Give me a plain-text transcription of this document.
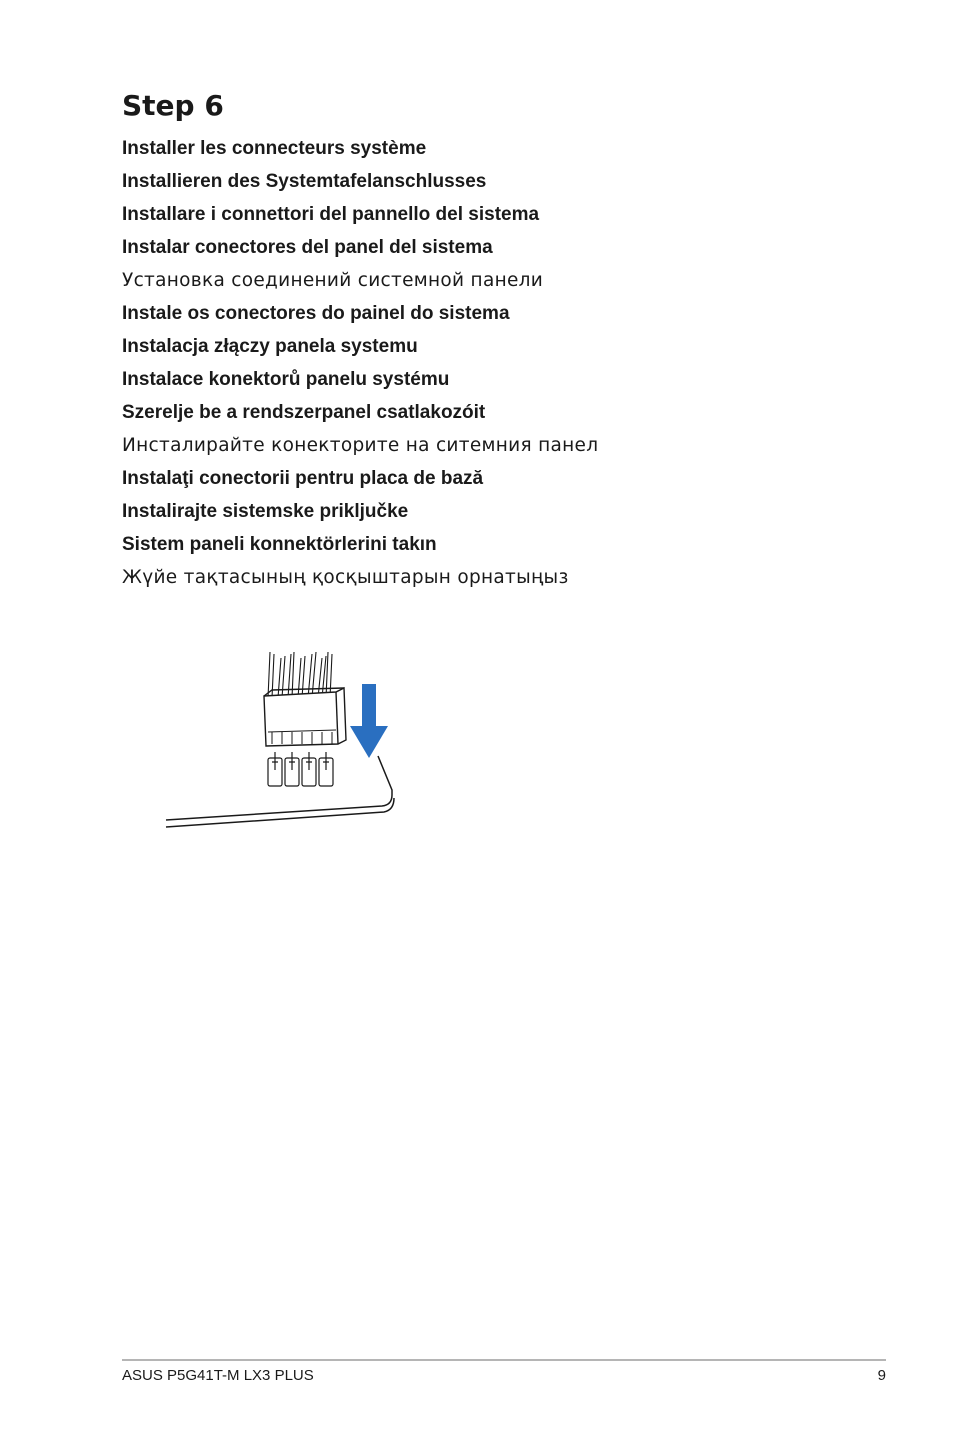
Step 6
Installer les connecteurs système
Installieren des Systemtafelanschlusses
Installare i connettori del pannello del sistema
Instalar conectores del panel del sistema
Установка соединений системной панели
Instale os conectores do painel do sistema
Instalacja złączy panela systemu
Instalace konektorů panelu systému
Szerelje be a rendszerpanel csatlakozóit
Инсталирайте конекторите на ситемния панел
Instalaţi conectorii pentru placa de bază
Instalirajte sistemske priključke
Sistem paneli konnektörlerini takın
Жүйе тақтасының қосқыштарын орнатыңыз
ASUS P5G41T-M LX3 PLUS	9
